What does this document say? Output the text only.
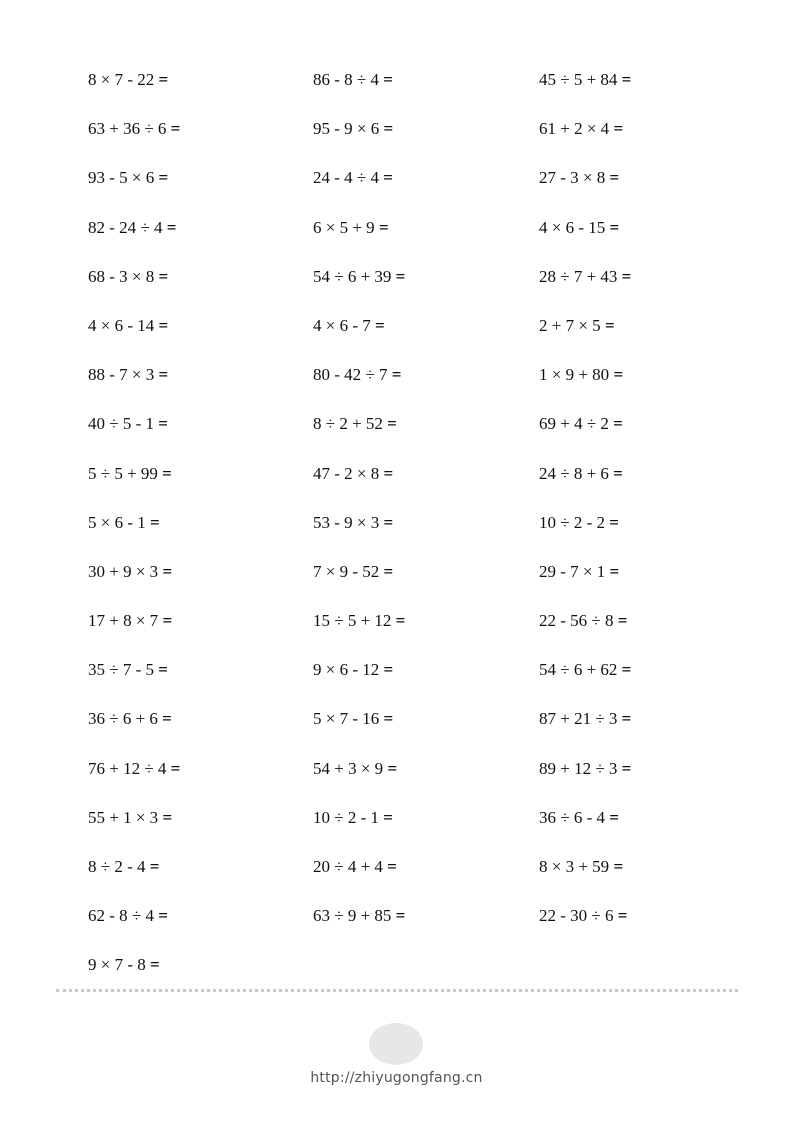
8 × 7 - 22 =	86 - 8 ÷ 4 =	45 ÷ 5 + 84 =
63 + 36 ÷ 6 =	95 - 9 × 6 =	61 + 2 × 4 =
93 - 5 × 6 =	24 - 4 ÷ 4 =	27 - 3 × 8 =
82 - 24 ÷ 4 =	6 × 5 + 9 =	4 × 6 - 15 =
68 - 3 × 8 =	54 ÷ 6 + 39 =	28 ÷ 7 + 43 =
4 × 6 - 14 =	4 × 6 - 7 =	2 + 7 × 5 =
88 - 7 × 3 =	80 - 42 ÷ 7 =	1 × 9 + 80 =
40 ÷ 5 - 1 =	8 ÷ 2 + 52 =	69 + 4 ÷ 2 =
5 ÷ 5 + 99 =	47 - 2 × 8 =	24 ÷ 8 + 6 =
5 × 6 - 1 =	53 - 9 × 3 =	10 ÷ 2 - 2 =
30 + 9 × 3 =	7 × 9 - 52 =	29 - 7 × 1 =
17 + 8 × 7 =	15 ÷ 5 + 12 =	22 - 56 ÷ 8 =
35 ÷ 7 - 5 =	9 × 6 - 12 =	54 ÷ 6 + 62 =
36 ÷ 6 + 6 =	5 × 7 - 16 =	87 + 21 ÷ 3 =
76 + 12 ÷ 4 =	54 + 3 × 9 =	89 + 12 ÷ 3 =
55 + 1 × 3 =	10 ÷ 2 - 1 =	36 ÷ 6 - 4 =
8 ÷ 2 - 4 =	20 ÷ 4 + 4 =	8 × 3 + 59 =
62 - 8 ÷ 4 =	63 ÷ 9 + 85 =	22 - 30 ÷ 6 =
9 × 7 - 8 =
http://zhiyugongfang.cn
